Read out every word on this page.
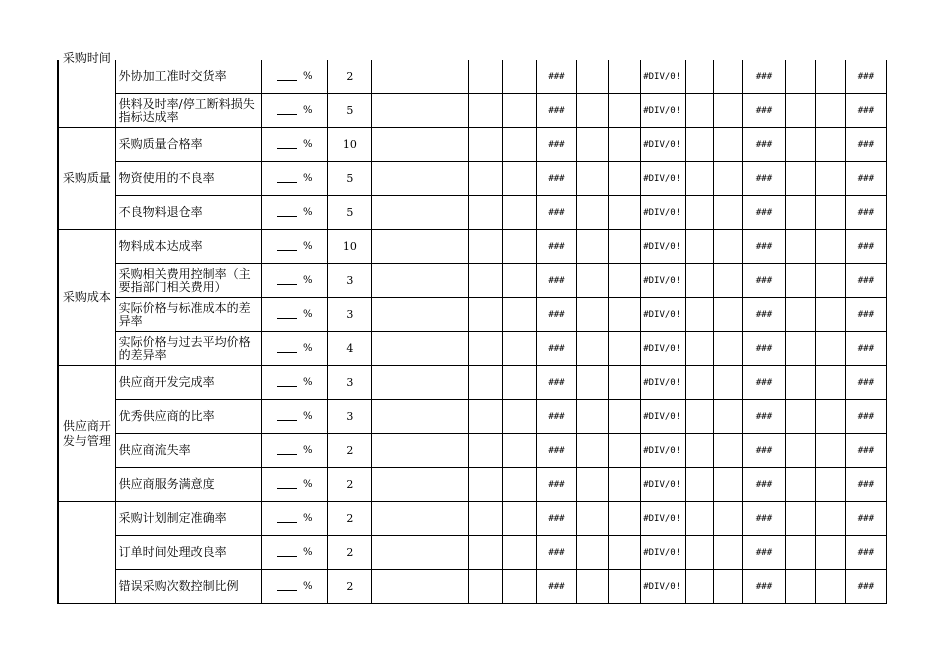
采购时间	外协加工准时交货率	%	2				###			#DIV/0!			###			###
	供料及时率/停工断料损失指标达成率	%	5				###			#DIV/0!			###			###
采购质量	采购质量合格率	%	10				###			#DIV/0!			###			###
	物资使用的不良率	%	5				###			#DIV/0!			###			###
	不良物料退仓率	%	5				###			#DIV/0!			###			###
采购成本	物料成本达成率	%	10				###			#DIV/0!			###			###
	采购相关费用控制率（主要指部门相关费用）	%	3				###			#DIV/0!			###			###
	实际价格与标准成本的差异率	%	3				###			#DIV/0!			###			###
	实际价格与过去平均价格的差异率	%	4				###			#DIV/0!			###			###
供应商开发与管理	供应商开发完成率	%	3				###			#DIV/0!			###			###
	优秀供应商的比率	%	3				###			#DIV/0!			###			###
	供应商流失率	%	2				###			#DIV/0!			###			###
	供应商服务满意度	%	2				###			#DIV/0!			###			###
	采购计划制定准确率	%	2				###			#DIV/0!			###			###
	订单时间处理改良率	%	2				###			#DIV/0!			###			###
	错误采购次数控制比例	%	2				###			#DIV/0!			###			###
